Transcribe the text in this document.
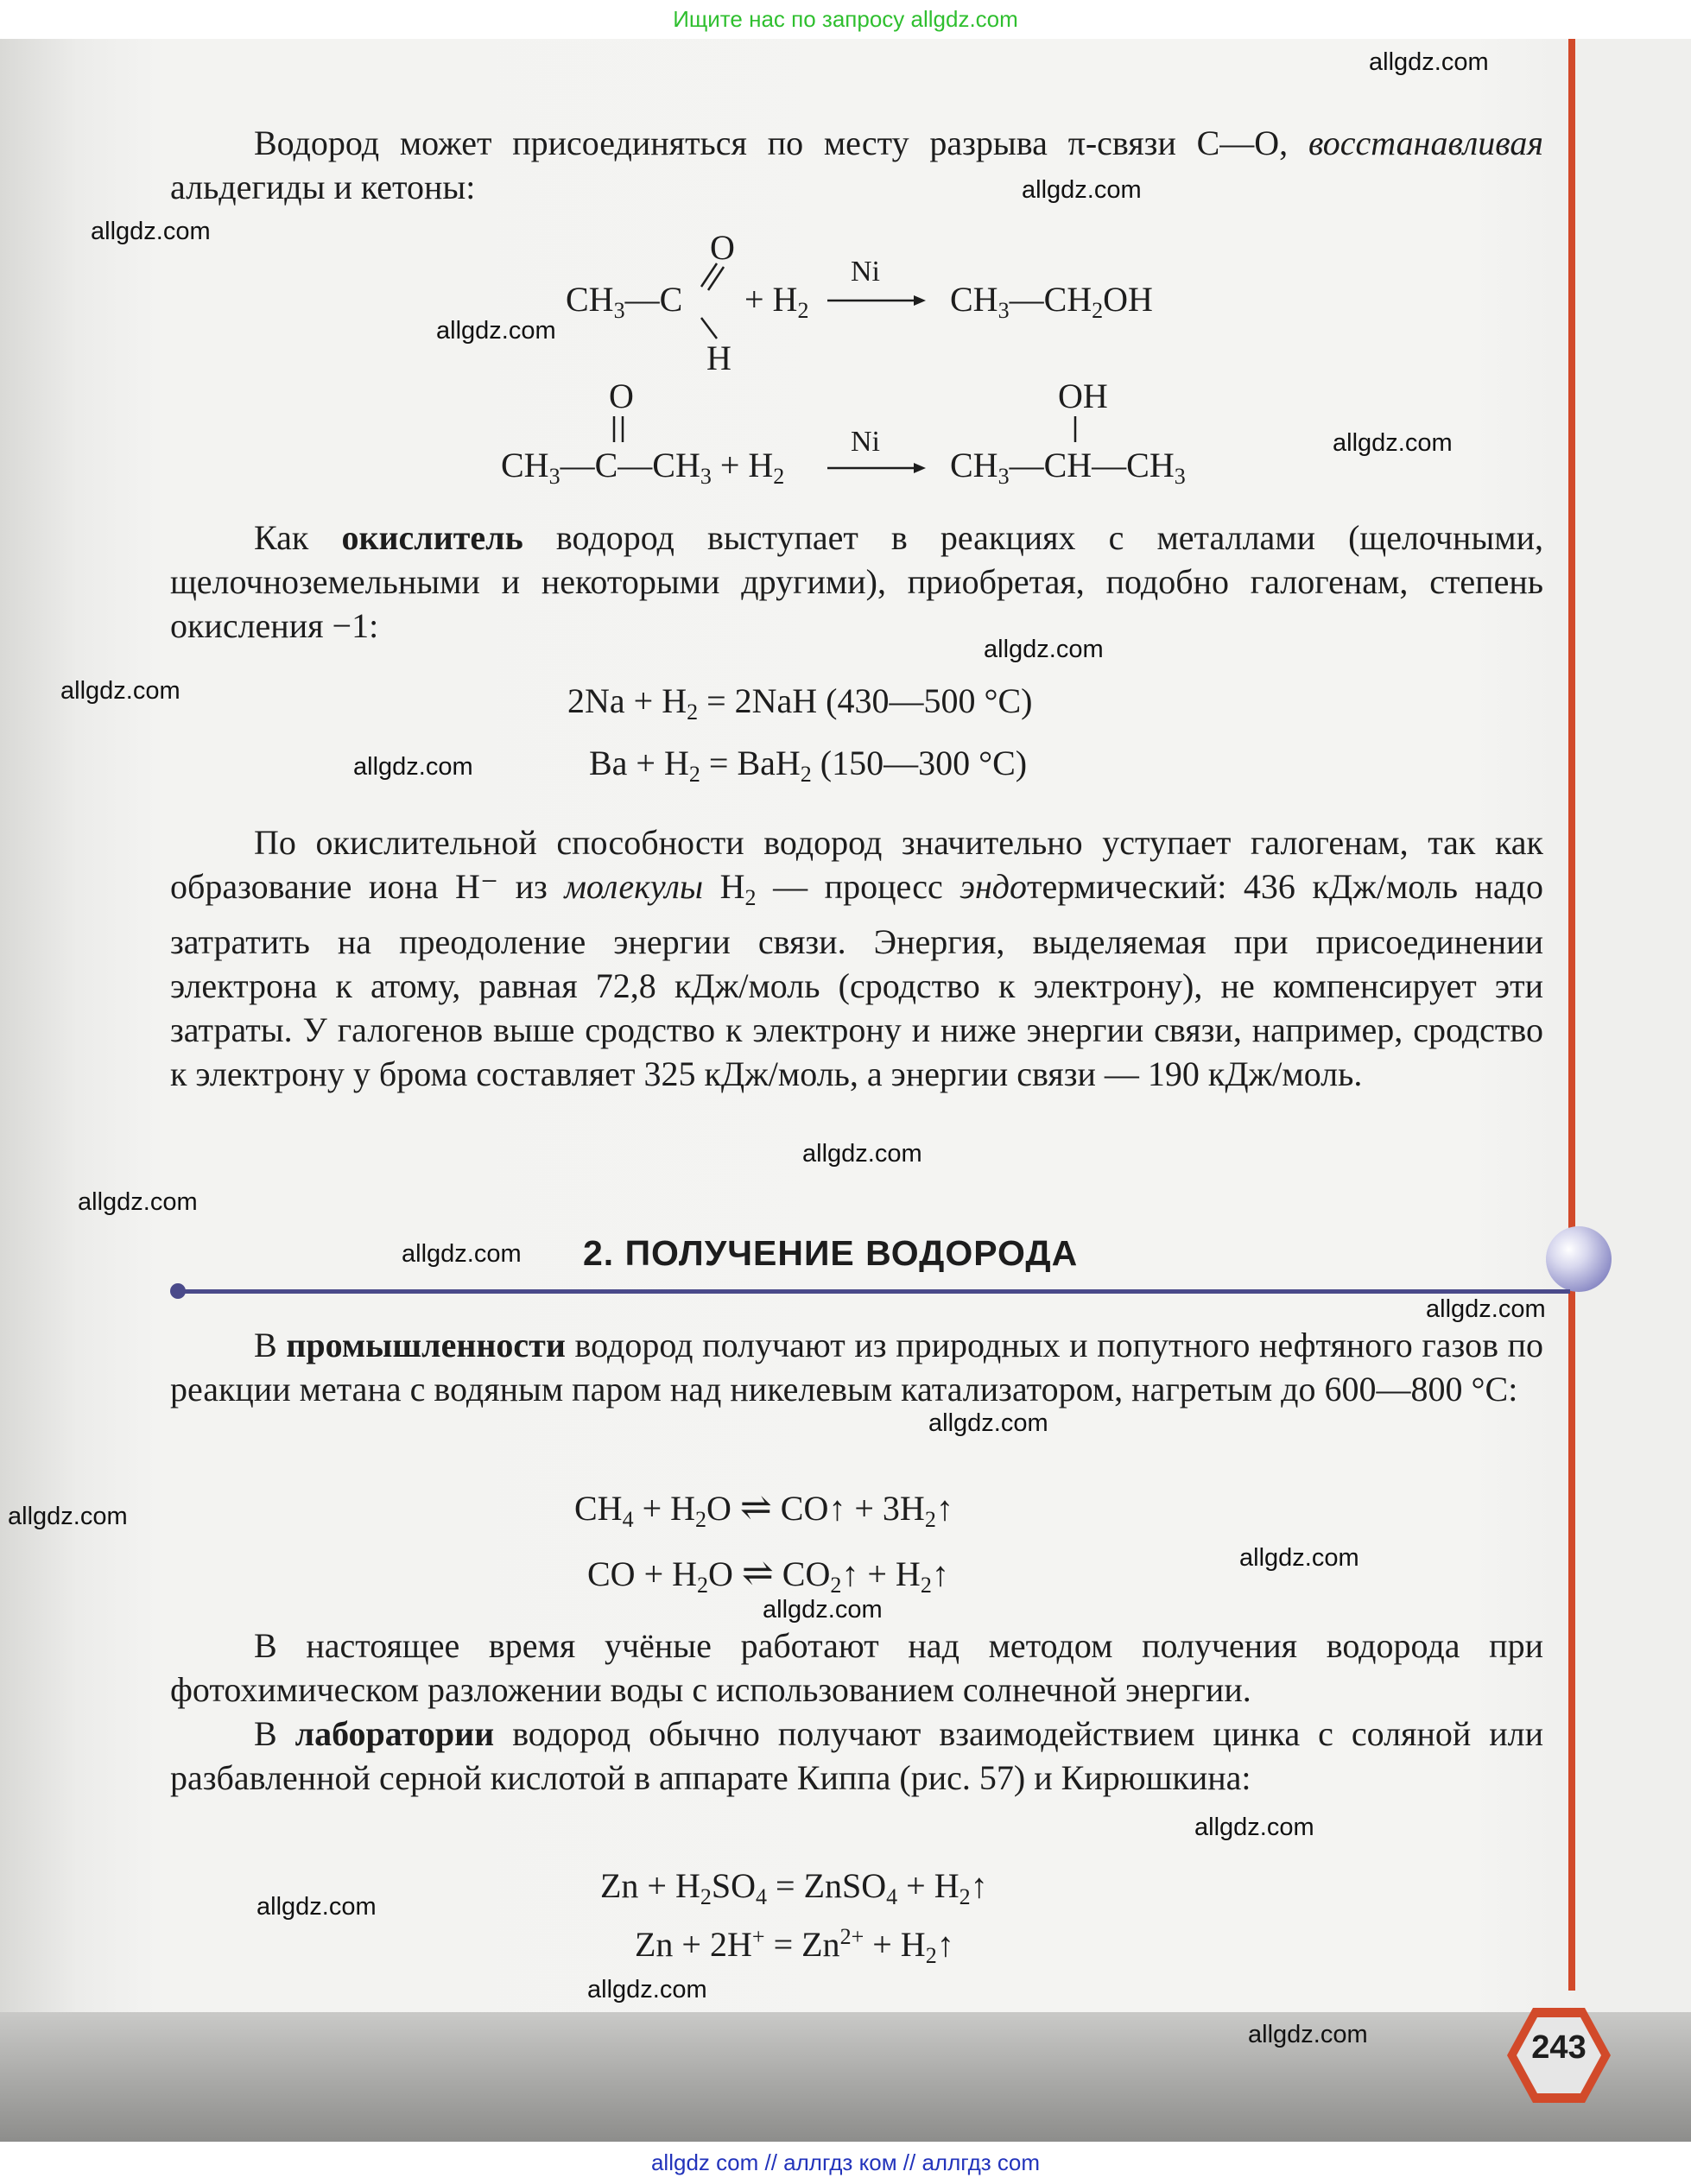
Ищите нас по запросу allgdz.com
Водород может присоединяться по месту разрыва π-связи С—О, восстанавливая альдегиды и кетоны:
$CH_3—C$
O
H
+ $H_2$
Ni
$CH_3—CH_2OH$
O
$CH_3—C—CH_3 + H_2$
Ni
OH
$CH_3—CH—CH_3$
Как окислитель водород выступает в реакциях с металлами (щелочными, щелочноземельными и некоторыми другими), приобретая, подобно галогенам, степень окисления −1:
$2Na + H_2 = 2NaH$ (430—500 °C)
$Ba + H_2 = BaH_2$ (150—300 °C)
По окислительной способности водород значительно уступает галогенам, так как образование иона H⁻ из молекулы $H_2$ — процесс эндотермический: 436 кДж/моль надо затратить на преодоление энергии связи. Энергия, выделяемая при присоединении электрона к атому, равная 72,8 кДж/моль (сродство к электрону), не компенсирует эти затраты. У галогенов выше сродство к электрону и ниже энергии связи, например, сродство к электрону у брома составляет 325 кДж/моль, а энергии связи — 190 кДж/моль.
2. ПОЛУЧЕНИЕ ВОДОРОДА
В промышленности водород получают из природных и попутного нефтяного газов по реакции метана с водяным паром над никелевым катализатором, нагретым до 600—800 °С:
$CH_4 + H_2O$ ⇌ CO↑ + $3H_2↑$
CO + $H_2O$ ⇌ $CO_2↑$ + $H_2↑$
В настоящее время учёные работают над методом получения водорода при фотохимическом разложении воды с использованием солнечной энергии.
В лаборатории водород обычно получают взаимодействием цинка с соляной или разбавленной серной кислотой в аппарате Киппа (рис. 57) и Кирюшкина:
$Zn + H_2SO_4$ = ZnSO$_4$ + $H_2↑$
$Zn + 2H^+ = Zn^{2+}$ + $H_2↑$
243
allgdz.com
allgdz.com
allgdz.com
allgdz.com
allgdz.com
allgdz.com
allgdz.com
allgdz.com
allgdz.com
allgdz.com
allgdz.com
allgdz.com
allgdz.com
allgdz.com
allgdz.com
allgdz.com
allgdz.com
allgdz.com
allgdz.com
allgdz.com
allgdz com // аллгдз ком // аллгдз com
